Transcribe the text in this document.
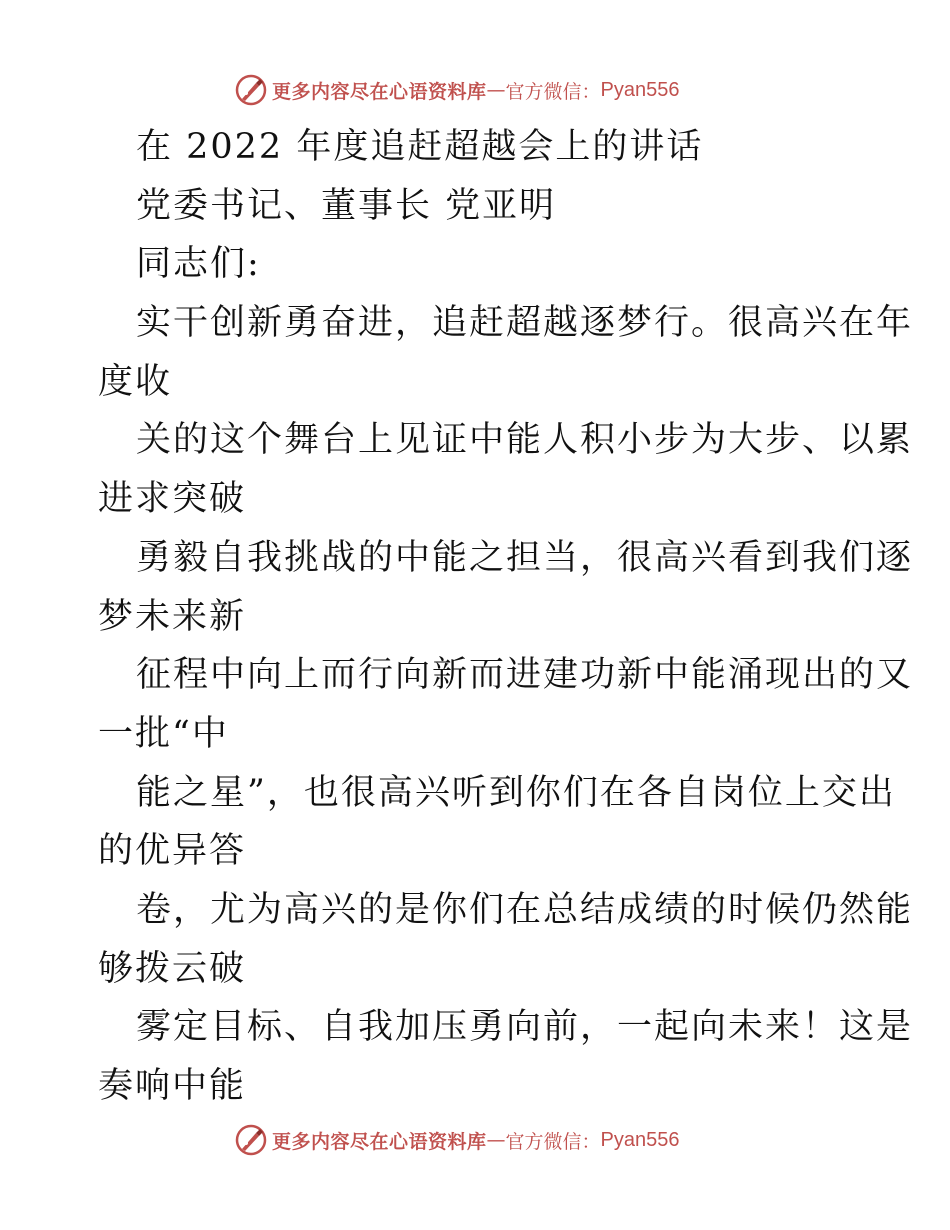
更多内容尽在心语资料库 — 官方微信： Pyan556
在 2022 年度追赶超越会上的讲话
党委书记、董事长 党亚明
同志们:
实干创新勇奋进，追赶超越逐梦行。很高兴在年
度收
关的这个舞台上见证中能人积小步为大步、以累
进求突破
勇毅自我挑战的中能之担当，很高兴看到我们逐
梦未来新
征程中向上而行向新而进建功新中能涌现出的又
一批“中
能之星”，也很高兴听到你们在各自岗位上交出
的优异答
卷，尤为高兴的是你们在总结成绩的时候仍然能
够拨云破
雾定目标、自我加压勇向前，一起向未来！这是
奏响中能
更多内容尽在心语资料库 — 官方微信： Pyan556
